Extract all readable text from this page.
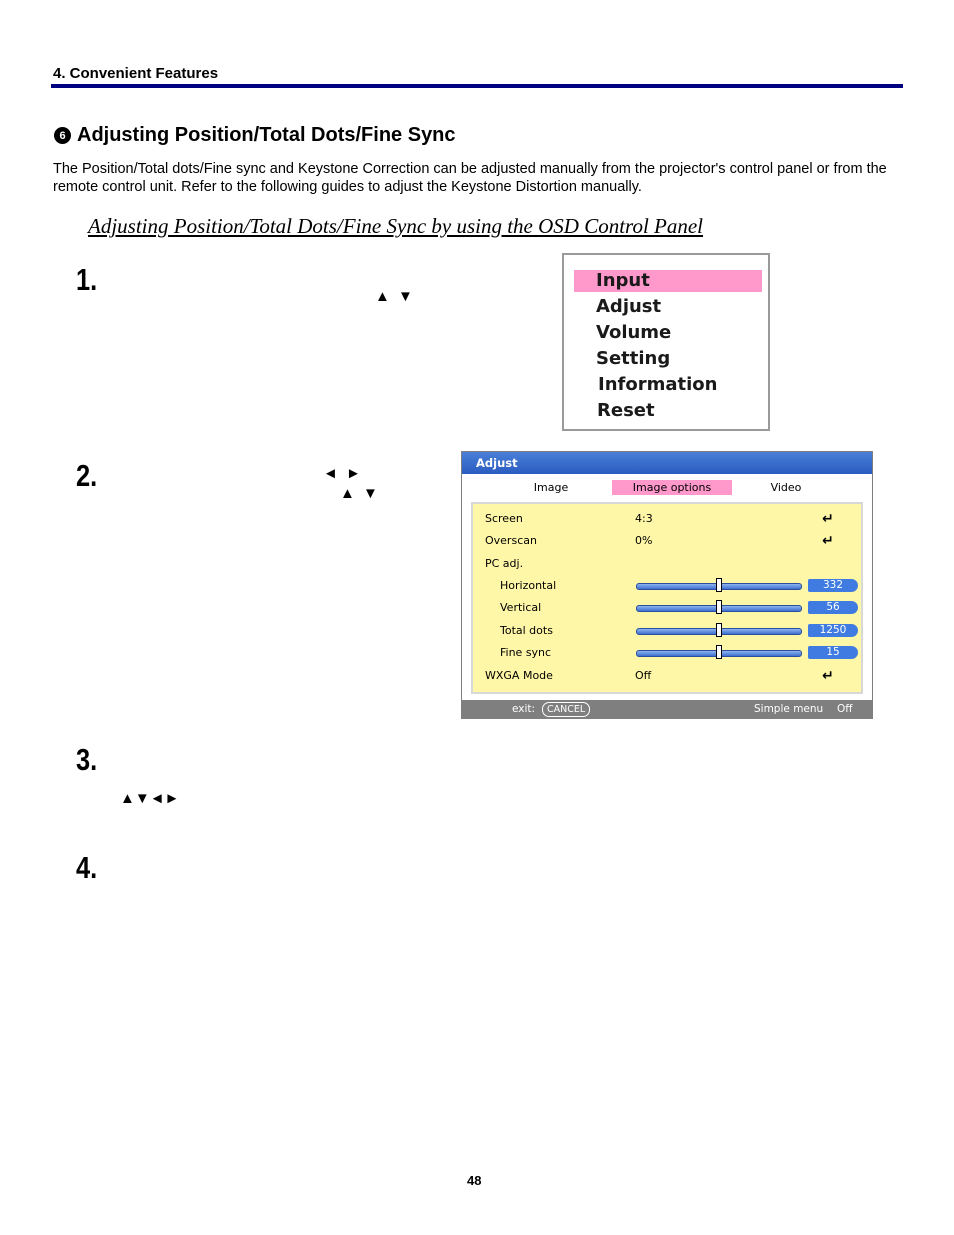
4. Convenient Features
6 Adjusting Position/Total Dots/Fine Sync
The Position/Total dots/Fine sync and Keystone Correction can be adjusted manually from the projector's control panel or from the remote control unit. Refer to the following guides to adjust the Keystone Distortion manually.
Adjusting Position/Total Dots/Fine Sync by using the OSD Control Panel
1.	▲ ▼
2.	◄ ►
▲ ▼
3.
▲▼◄►
4.
Input
Adjust
Volume
Setting
Information
Reset
Adjust
Image	Image options	Video
Screen	4:3	↵
Overscan	0%	↵
PC adj.
Horizontal	332
Vertical	56
Total dots	1250
Fine sync	15
WXGA Mode	Off	↵
exit:	CANCEL	Simple menu Off
48
